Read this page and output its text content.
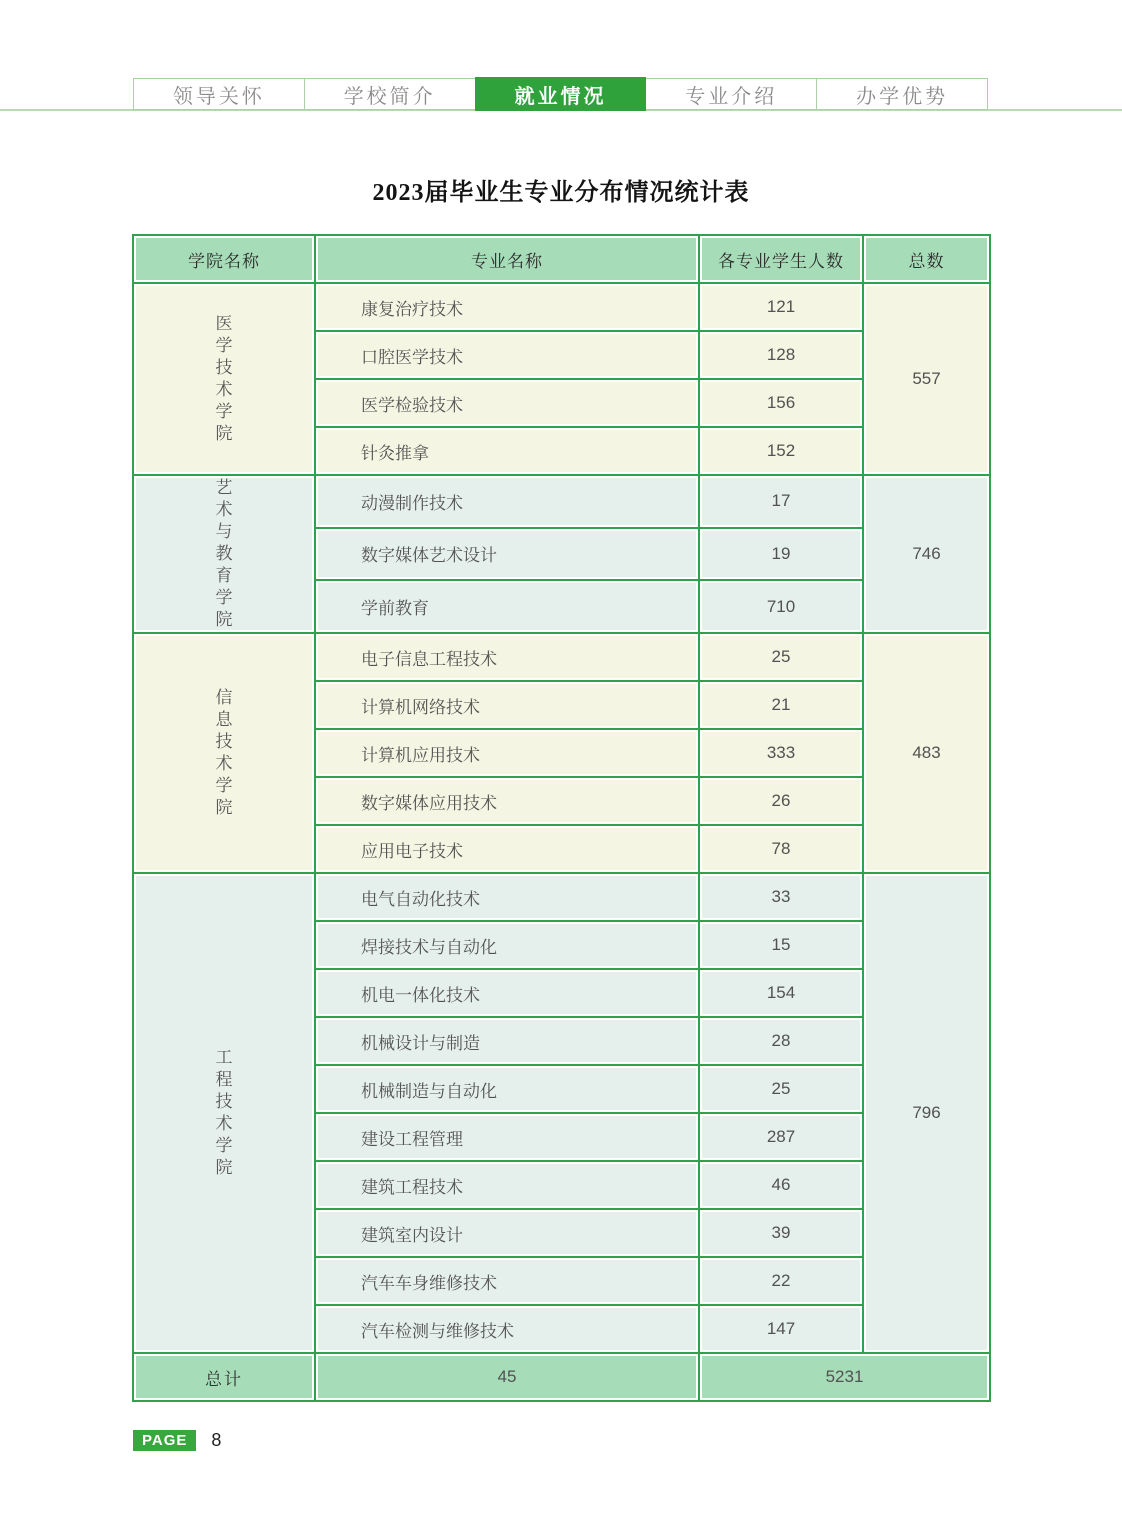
领导关怀	学校简介	就业情况	专业介绍	办学优势
2023届毕业生专业分布情况统计表
学院名称	专业名称	各专业学生人数	总数
医学技术学院	康复治疗技术	121	557
	口腔医学技术	128	
	医学检验技术	156	
	针灸推拿	152	
艺术与教育学院	动漫制作技术	17	746
	数字媒体艺术设计	19	
	学前教育	710	
信息技术学院	电子信息工程技术	25	483
	计算机网络技术	21	
	计算机应用技术	333	
	数字媒体应用技术	26	
	应用电子技术	78	
工程技术学院	电气自动化技术	33	796
	焊接技术与自动化	15	
	机电一体化技术	154	
	机械设计与制造	28	
	机械制造与自动化	25	
	建设工程管理	287	
	建筑工程技术	46	
	建筑室内设计	39	
	汽车车身维修技术	22	
	汽车检测与维修技术	147	
总计	45	5231	
PAGE	8
